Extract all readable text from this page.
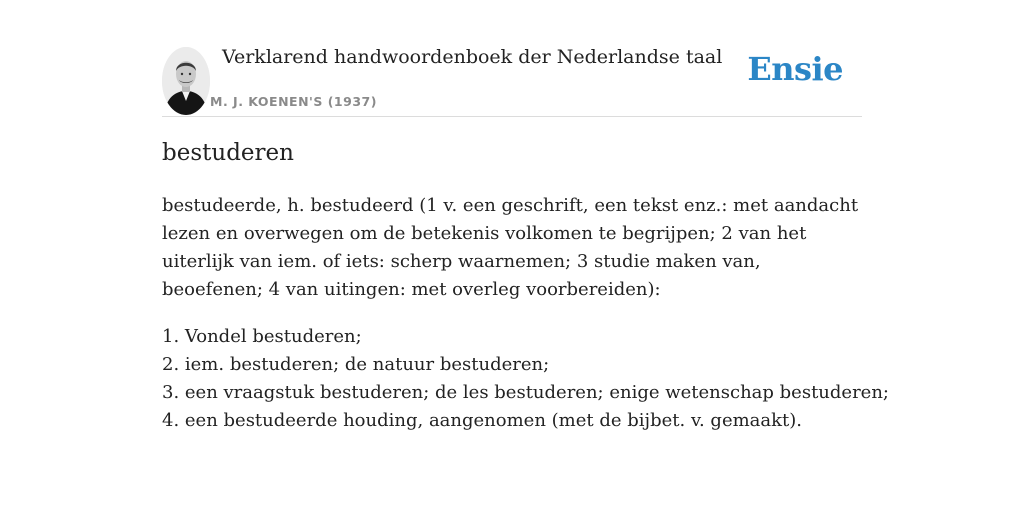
Verklarend handwoordenboek der Nederlandse taal
M. J. KOENEN'S (1937)
Ensie
bestuderen

bestudeerde, h. bestudeerd (1 v. een geschrift, een tekst enz.: met aandacht lezen en overwegen om de betekenis volkomen te begrijpen; 2 van het uiterlijk van iem. of iets: scherp waarnemen; 3 studie maken van, beoefenen; 4 van uitingen: met overleg voorbereiden):

1. Vondel bestuderen;
2. iem. bestuderen; de natuur bestuderen;
3. een vraagstuk bestuderen; de les bestuderen; enige wetenschap bestuderen;
4. een bestudeerde houding, aangenomen (met de bijbet. v. gemaakt).
